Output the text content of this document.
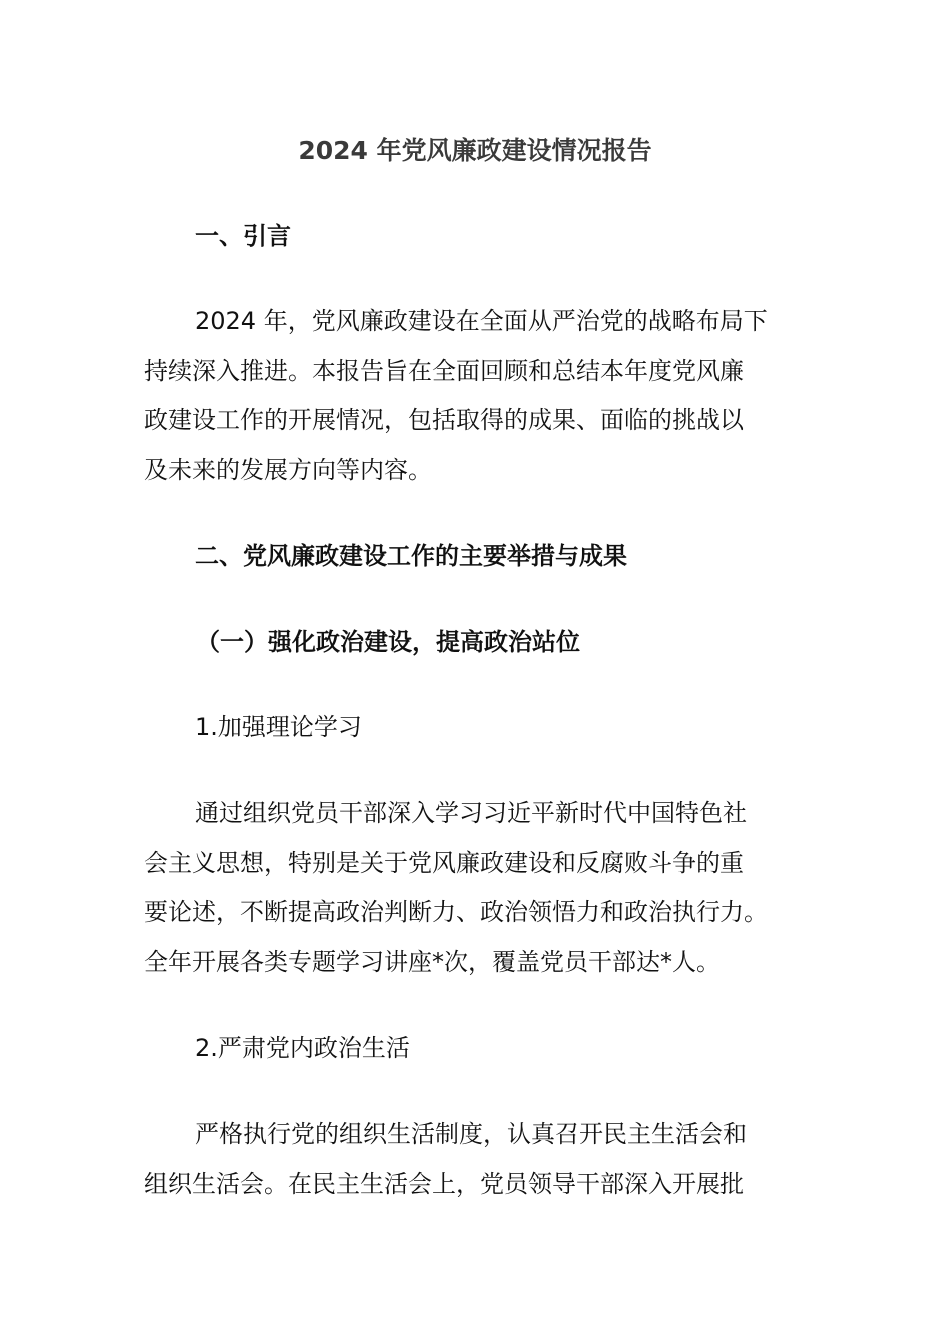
2024 年党风廉政建设情况报告
一、引言
2024 年，党风廉政建设在全面从严治党的战略布局下
持续深入推进。本报告旨在全面回顾和总结本年度党风廉
政建设工作的开展情况，包括取得的成果、面临的挑战以
及未来的发展方向等内容。
二、党风廉政建设工作的主要举措与成果
（一）强化政治建设，提高政治站位
1.加强理论学习
通过组织党员干部深入学习习近平新时代中国特色社
会主义思想，特别是关于党风廉政建设和反腐败斗争的重
要论述，不断提高政治判断力、政治领悟力和政治执行力。
全年开展各类专题学习讲座*次，覆盖党员干部达*人。
2.严肃党内政治生活
严格执行党的组织生活制度，认真召开民主生活会和
组织生活会。在民主生活会上，党员领导干部深入开展批
